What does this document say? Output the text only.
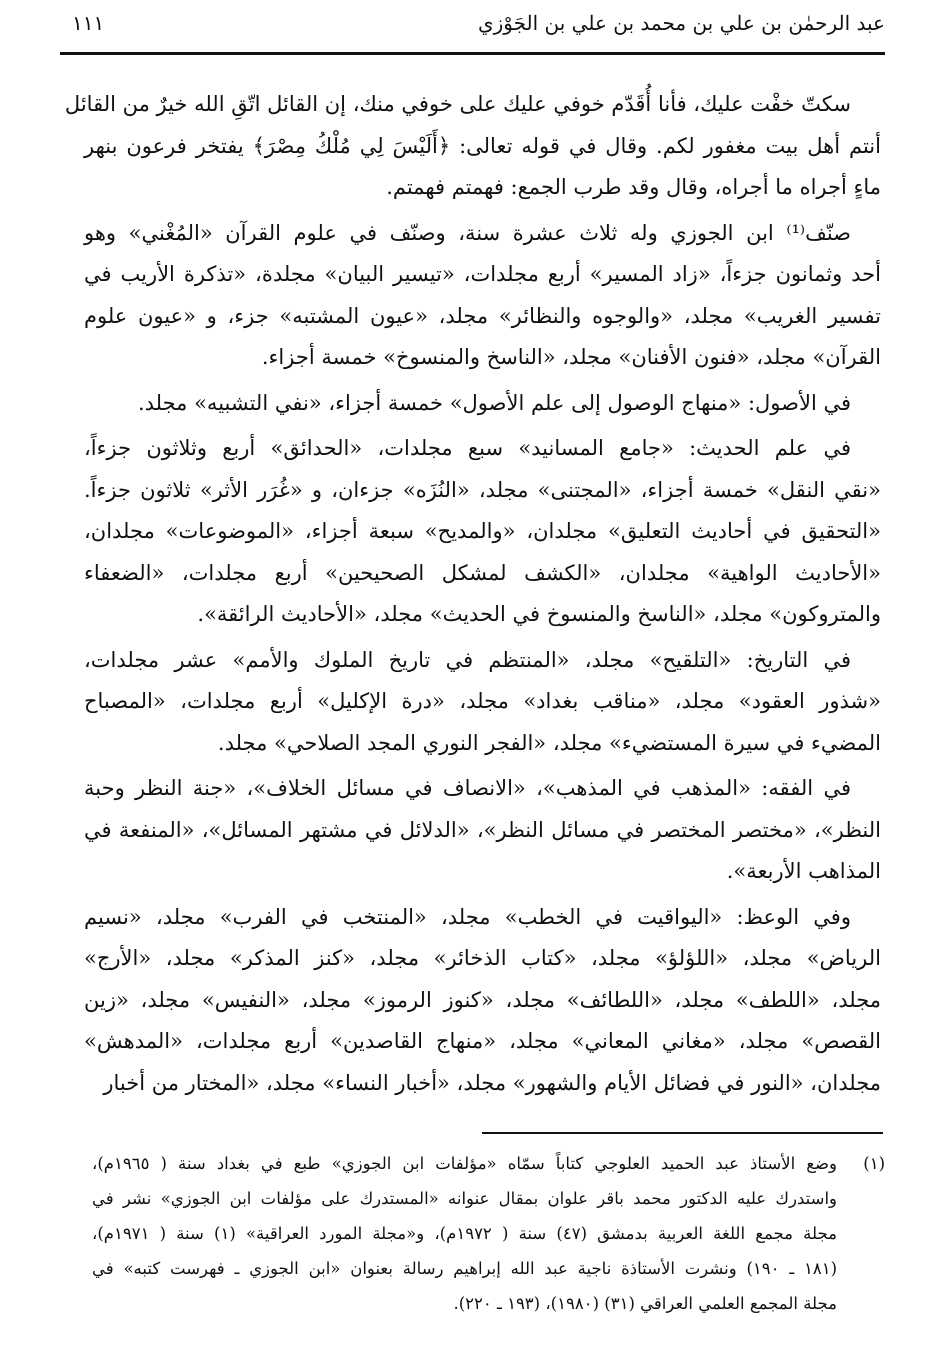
عبد الرحمٰن بن علي بن محمد بن علي بن الجَوْزي
١١١
سكتّ خفْت عليك، فأنا أُقَدّم خوفي عليك على خوفي منك، إن القائل اتّقِ الله خيرٌ من القائل
أنتم أهل بيت مغفور لكم. وقال في قوله تعالى: ﴿أَلَيْسَ لِي مُلْكُ مِصْرَ﴾ يفتخر فرعون بنهر
ماءٍ أجراه ما أجراه، وقال وقد طرب الجمع: فهمتم فهمتم.
صنّف⁽¹⁾ ابن الجوزي وله ثلاث عشرة سنة، وصنّف في علوم القرآن «المُغْني» وهو
أحد وثمانون جزءاً، «زاد المسير» أربع مجلدات، «تيسير البيان» مجلدة، «تذكرة الأريب في
تفسير الغريب» مجلد، «والوجوه والنظائر» مجلد، «عيون المشتبه» جزء، و «عيون علوم
القرآن» مجلد، «فنون الأفنان» مجلد، «الناسخ والمنسوخ» خمسة أجزاء.
في الأصول: «منهاج الوصول إلى علم الأصول» خمسة أجزاء، «نفي التشبيه» مجلد.
في علم الحديث: «جامع المسانيد» سبع مجلدات، «الحدائق» أربع وثلاثون جزءاً،
«نقي النقل» خمسة أجزاء، «المجتنى» مجلد، «النُزَه» جزءان، و «غُرَر الأثر» ثلاثون جزءاً.
«التحقيق في أحاديث التعليق» مجلدان، «والمديح» سبعة أجزاء، «الموضوعات» مجلدان،
«الأحاديث الواهية» مجلدان، «الكشف لمشكل الصحيحين» أربع مجلدات، «الضعفاء
والمتروكون» مجلد، «الناسخ والمنسوخ في الحديث» مجلد، «الأحاديث الرائقة».
في التاريخ: «التلقيح» مجلد، «المنتظم في تاريخ الملوك والأمم» عشر مجلدات،
«شذور العقود» مجلد، «مناقب بغداد» مجلد، «درة الإكليل» أربع مجلدات، «المصباح
المضيء في سيرة المستضيء» مجلد، «الفجر النوري المجد الصلاحي» مجلد.
في الفقه: «المذهب في المذهب»، «الانصاف في مسائل الخلاف»، «جنة النظر وحبة
النظر»، «مختصر المختصر في مسائل النظر»، «الدلائل في مشتهر المسائل»، «المنفعة في
المذاهب الأربعة».
وفي الوعظ: «اليواقيت في الخطب» مجلد، «المنتخب في الفرب» مجلد، «نسيم
الرياض» مجلد، «اللؤلؤ» مجلد، «كتاب الذخائر» مجلد، «كنز المذكر» مجلد، «الأرج»
مجلد، «اللطف» مجلد، «اللطائف» مجلد، «كنوز الرموز» مجلد، «النفيس» مجلد، «زين
القصص» مجلد، «مغاني المعاني» مجلد، «منهاج القاصدين» أربع مجلدات، «المدهش»
مجلدان، «النور في فضائل الأيام والشهور» مجلد، «أخبار النساء» مجلد، «المختار من أخبار
(١)
وضع الأستاذ عبد الحميد العلوجي كتاباً سمّاه «مؤلفات ابن الجوزي» طبع في بغداد سنة ( ١٩٦٥م)،
واستدرك عليه الدكتور محمد باقر علوان بمقال عنوانه «المستدرك على مؤلفات ابن الجوزي» نشر في
مجلة مجمع اللغة العربية بدمشق (٤٧) سنة ( ١٩٧٢م)، و«مجلة المورد العراقية» (١) سنة ( ١٩٧١م)،
(١٨١ ـ ١٩٠) ونشرت الأستاذة ناجية عبد الله إبراهيم رسالة بعنوان «ابن الجوزي ـ فهرست كتبه» في
مجلة المجمع العلمي العراقي (٣١) (١٩٨٠)، (١٩٣ ـ ٢٢٠).
